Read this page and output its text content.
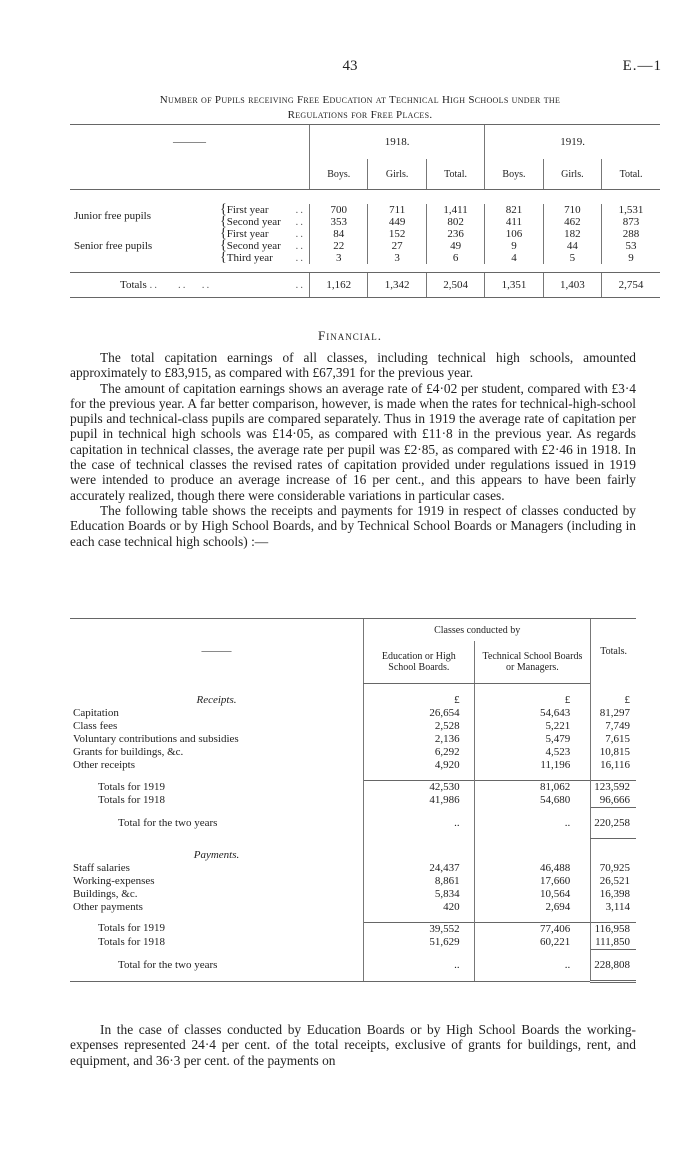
43	E.—1
Number of Pupils receiving Free Education at Technical High Schools under the
Regulations for Free Places.
———			1918.			1919.		
			Boys.	Girls.	Total.	Boys.	Girls.	Total.

Junior free pupils	{First year	..	700	711	1,411	821	710	1,531
	{Second year	..	353	449	802	411	462	873
Senior free pupils	{First year	..	84	152	236	106	182	288
	{Second year	..	22	27	49	9	44	53
	{Third year	..	3	3	6	4	5	9

Totals ..    ..   ..		..	1,162	1,342	2,504	1,351	1,403	2,754
Financial.

The total capitation earnings of all classes, including technical high schools, amounted approximately to £83,915, as compared with £67,391 for the previous year.

The amount of capitation earnings shows an average rate of £4·02 per student, compared with £3·4 for the previous year. A far better comparison, however, is made when the rates for technical-high-school pupils and technical-class pupils are compared separately. Thus in 1919 the average rate of capitation per pupil in technical high schools was £14·05, as compared with £11·8 in the previous year. As regards capitation in technical classes, the average rate per pupil was £2·85, as compared with £2·46 in 1918. In the case of technical classes the revised rates of capitation provided under regulations issued in 1919 were intended to produce an average increase of 16 per cent., and this appears to have been fairly accurately realized, though there were considerable variations in particular cases.

The following table shows the receipts and payments for 1919 in respect of classes conducted by Education Boards or by High School Boards, and by Technical School Boards or Managers (including in each case technical high schools) :—

———	Classes conducted by		Totals.
	Education or High School Boards.	Technical School Boards or Managers.	
Receipts.	£	£	£
Capitation	26,654	54,643	81,297
Class fees	2,528	5,221	7,749
Voluntary contributions and subsidies	2,136	5,479	7,615
Grants for buildings, &c.	6,292	4,523	10,815
Other receipts	4,920	11,196	16,116

Totals for 1919	42,530	81,062	123,592
Totals for 1918	41,986	54,680	96,666
Total for the two years	..	..	220,258
Payments.			
Staff salaries	24,437	46,488	70,925
Working-expenses	8,861	17,660	26,521
Buildings, &c.	5,834	10,564	16,398
Other payments	420	2,694	3,114

Totals for 1919	39,552	77,406	116,958
Totals for 1918	51,629	60,221	111,850
Total for the two years	..	..	228,808

In the case of classes conducted by Education Boards or by High School Boards the working-expenses represented 24·4 per cent. of the total receipts, exclusive of grants for buildings, rent, and equipment, and 36·3 per cent. of the payments on
